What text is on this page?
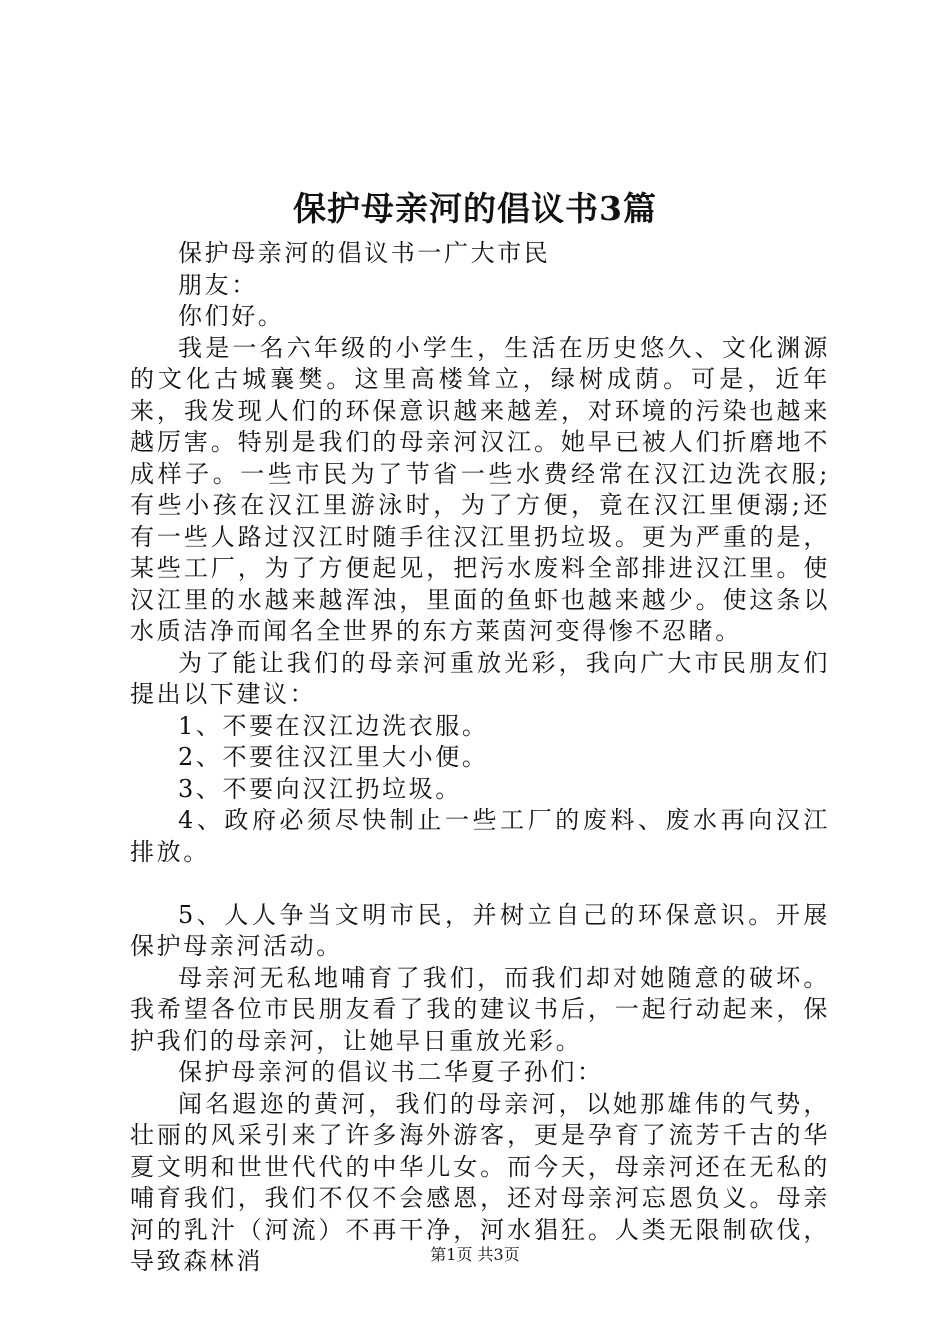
保护母亲河的倡议书3篇

保护母亲河的倡议书一广大市民

朋友：

你们好。

我是一名六年级的小学生，生活在历史悠久、文化渊源的文化古城襄樊。这里高楼耸立，绿树成荫。可是，近年来，我发现人们的环保意识越来越差，对环境的污染也越来越厉害。特别是我们的母亲河汉江。她早已被人们折磨地不成样子。一些市民为了节省一些水费经常在汉江边洗衣服;有些小孩在汉江里游泳时，为了方便，竟在汉江里便溺;还有一些人路过汉江时随手往汉江里扔垃圾。更为严重的是，某些工厂，为了方便起见，把污水废料全部排进汉江里。使汉江里的水越来越浑浊，里面的鱼虾也越来越少。使这条以水质洁净而闻名全世界的东方莱茵河变得惨不忍睹。

为了能让我们的母亲河重放光彩，我向广大市民朋友们提出以下建议：

1、不要在汉江边洗衣服。

2、不要往汉江里大小便。

3、不要向汉江扔垃圾。

4、政府必须尽快制止一些工厂的废料、废水再向汉江排放。

5、人人争当文明市民，并树立自己的环保意识。开展保护母亲河活动。

母亲河无私地哺育了我们，而我们却对她随意的破坏。我希望各位市民朋友看了我的建议书后，一起行动起来，保护我们的母亲河，让她早日重放光彩。

保护母亲河的倡议书二华夏子孙们：

闻名遐迩的黄河，我们的母亲河，以她那雄伟的气势，壮丽的风采引来了许多海外游客，更是孕育了流芳千古的华夏文明和世世代代的中华儿女。而今天，母亲河还在无私的哺育我们，我们不仅不会感恩，还对母亲河忘恩负义。母亲河的乳汁（河流）不再干净，河水猖狂。人类无限制砍伐，导致森林消	第1页 共3页
